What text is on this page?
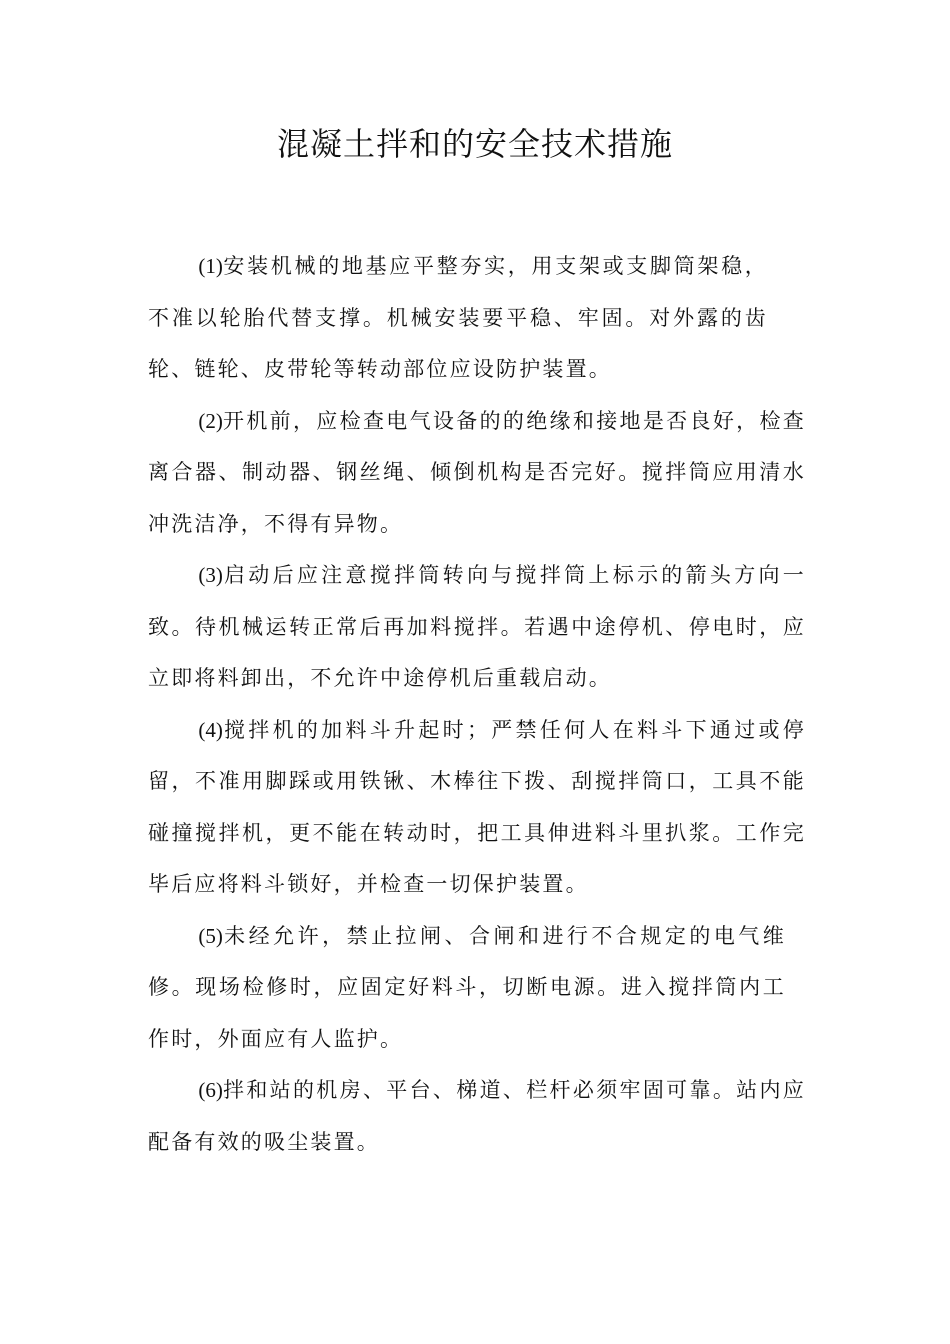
混凝土拌和的安全技术措施

(1)安装机械的地基应平整夯实，用支架或支脚筒架稳，不准以轮胎代替支撑。机械安装要平稳、牢固。对外露的齿轮、链轮、皮带轮等转动部位应设防护装置。

(2)开机前，应检查电气设备的的绝缘和接地是否良好，检查离合器、制动器、钢丝绳、倾倒机构是否完好。搅拌筒应用清水冲洗洁净，不得有异物。

(3)启动后应注意搅拌筒转向与搅拌筒上标示的箭头方向一致。待机械运转正常后再加料搅拌。若遇中途停机、停电时，应立即将料卸出，不允许中途停机后重载启动。

(4)搅拌机的加料斗升起时；严禁任何人在料斗下通过或停留，不准用脚踩或用铁锹、木棒往下拨、刮搅拌筒口，工具不能碰撞搅拌机，更不能在转动时，把工具伸进料斗里扒浆。工作完毕后应将料斗锁好，并检查一切保护装置。

(5)未经允许，禁止拉闸、合闸和进行不合规定的电气维修。现场检修时，应固定好料斗，切断电源。进入搅拌筒内工作时，外面应有人监护。

(6)拌和站的机房、平台、梯道、栏杆必须牢固可靠。站内应配备有效的吸尘装置。
